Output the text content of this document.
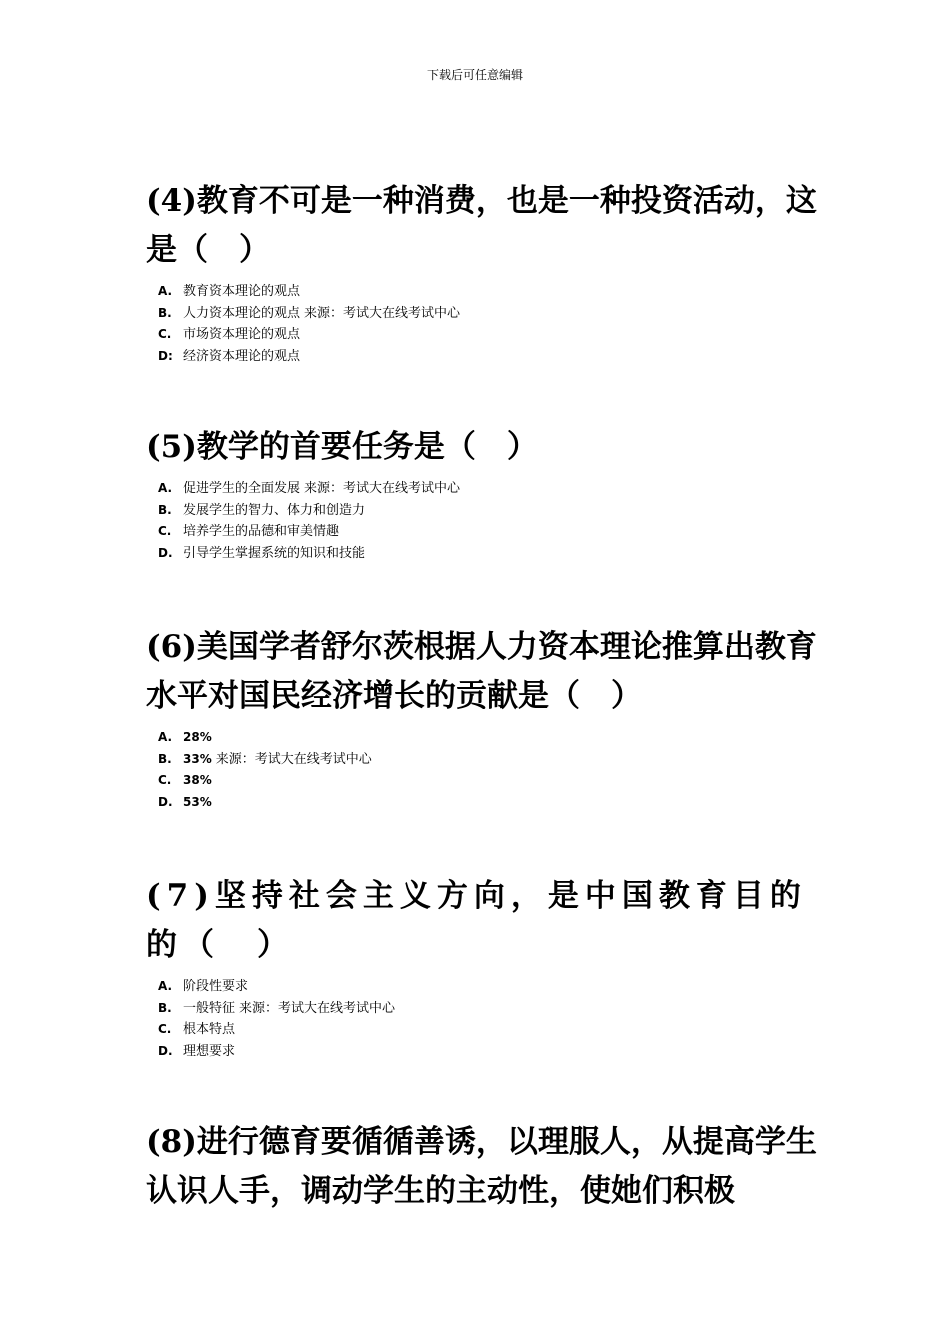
下载后可任意编辑

(4)教育不可是一种消费，也是一种投资活动，这是（　）

A. 教育资本理论的观点
B. 人力资本理论的观点 来源：考试大在线考试中心
C. 市场资本理论的观点
D: 经济资本理论的观点

(5)教学的首要任务是（　）

A. 促进学生的全面发展 来源：考试大在线考试中心
B. 发展学生的智力、体力和创造力
C. 培养学生的品德和审美情趣
D. 引导学生掌握系统的知识和技能

(6)美国学者舒尔茨根据人力资本理论推算出教育水平对国民经济增长的贡献是（　）

A. 28%
B. 33% 来源：考试大在线考试中心
C. 38%
D. 53%

(7)坚持社会主义方向，是中国教育目的的（　）

A. 阶段性要求
B. 一般特征 来源：考试大在线考试中心
C. 根本特点
D. 理想要求

(8)进行德育要循循善诱，以理服人，从提高学生认识人手，调动学生的主动性，使她们积极
